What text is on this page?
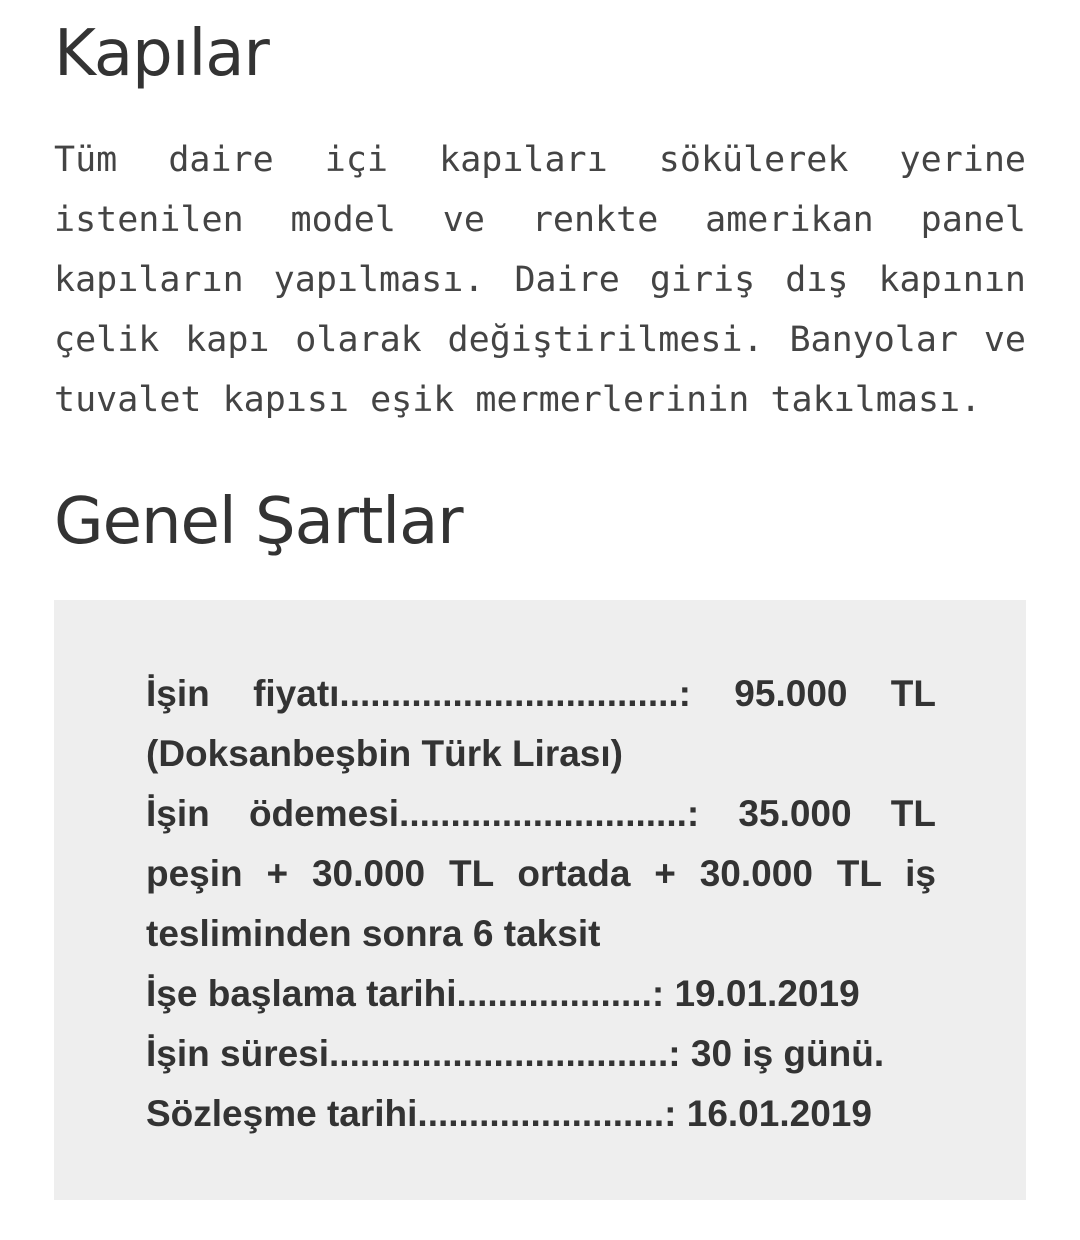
Kapılar

Tüm daire içi kapıları sökülerek yerine istenilen model ve renkte amerikan panel kapıların yapılması. Daire giriş dış kapının çelik kapı olarak değiştirilmesi. Banyolar ve tuvalet kapısı eşik mermerlerinin takılması.

Genel Şartlar
İşin fiyatı.................................: 95.000 TL (Doksanbeşbin Türk Lirası)
İşin ödemesi............................: 35.000 TL peşin + 30.000 TL ortada + 30.000 TL iş tesliminden sonra 6 taksit
İşe başlama tarihi...................: 19.01.2019
İşin süresi.................................: 30 iş günü.
Sözleşme tarihi........................: 16.01.2019
